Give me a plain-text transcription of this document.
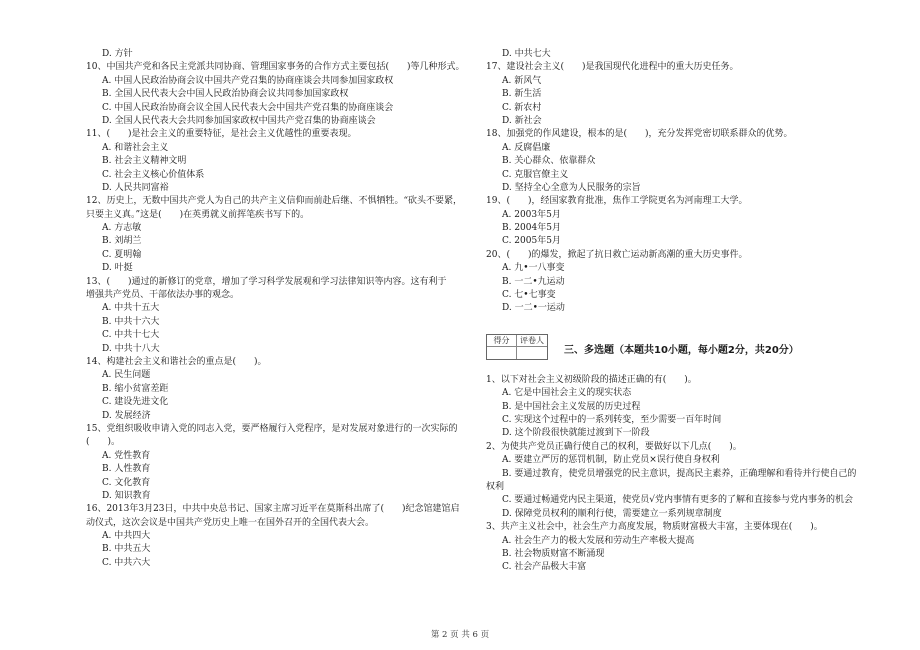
D. 方针
10、中国共产党和各民主党派共同协商、管理国家事务的合作方式主要包括(　　)等几种形式。
A. 中国人民政治协商会议中国共产党召集的协商座谈会共同参加国家政权
B. 全国人民代表大会中国人民政治协商会议共同参加国家政权
C. 中国人民政治协商会议全国人民代表大会中国共产党召集的协商座谈会
D. 全国人民代表大会共同参加国家政权中国共产党召集的协商座谈会
11、(　　)是社会主义的重要特征，是社会主义优越性的重要表现。
A. 和谐社会主义
B. 社会主义精神文明
C. 社会主义核心价值体系
D. 人民共同富裕
12、历史上，无数中国共产党人为自己的共产主义信仰而前赴后继、不惧牺牲。“砍头不要紧，
只要主义真。”这是(　　)在英勇就义前挥笔疾书写下的。
A. 方志敏
B. 刘胡兰
C. 夏明翰
D. 叶挺
13、(　　)通过的新修订的党章，增加了学习科学发展观和学习法律知识等内容。这有利于
增强共产党员、干部依法办事的观念。
A. 中共十五大
B. 中共十六大
C. 中共十七大
D. 中共十八大
14、构建社会主义和谐社会的重点是(　　)。
A. 民生问题
B. 缩小贫富差距
C. 建设先进文化
D. 发展经济
15、党组织吸收申请入党的同志入党，要严格履行入党程序，是对发展对象进行的一次实际的
(　　)。
A. 党性教育
B. 人性教育
C. 文化教育
D. 知识教育
16、2013年3月23日，中共中央总书记、国家主席习近平在莫斯科出席了(　　)纪念馆建馆启
动仪式，这次会议是中国共产党历史上唯一在国外召开的全国代表大会。
A. 中共四大
B. 中共五大
C. 中共六大
D. 中共七大
17、建设社会主义(　　)是我国现代化进程中的重大历史任务。
A. 新风气
B. 新生活
C. 新农村
D. 新社会
18、加强党的作风建设，根本的是(　　)，充分发挥党密切联系群众的优势。
A. 反腐倡廉
B. 关心群众、依靠群众
C. 克服官僚主义
D. 坚持全心全意为人民服务的宗旨
19、(　　)，经国家教育批准，焦作工学院更名为河南理工大学。
A. 2003年5月
B. 2004年5月
C. 2005年5月
20、(　　)的爆发，掀起了抗日救亡运动新高潮的重大历史事件。
A. 九•一八事变
B. 一二•九运动
C. 七•七事变
D. 一二•一运动
得分	评卷人
三、多选题（本题共10小题，每小题2分，共20分）
1、以下对社会主义初级阶段的描述正确的有(　　)。
A. 它是中国社会主义的现实状态
B. 是中国社会主义发展的历史过程
C. 实现这个过程中的一系列转变，至少需要一百年时间
D. 这个阶段很快就能过渡到下一阶段
2、为使共产党员正确行使自己的权利，要做好以下几点(　　)。
A. 要建立严厉的惩罚机制，防止党员×误行使自身权利
B. 要通过教育，使党员增强党的民主意识，提高民主素养，正确理解和看待并行使自己的
权利
C. 要通过畅通党内民主渠道，使党员√党内事情有更多的了解和直接参与党内事务的机会
D. 保障党员权利的顺利行使，需要建立一系列规章制度
3、共产主义社会中，社会生产力高度发展，物质财富极大丰富，主要体现在(　　)。
A. 社会生产力的极大发展和劳动生产率极大提高
B. 社会物质财富不断涌现
C. 社会产品极大丰富
第 2 页 共 6 页
